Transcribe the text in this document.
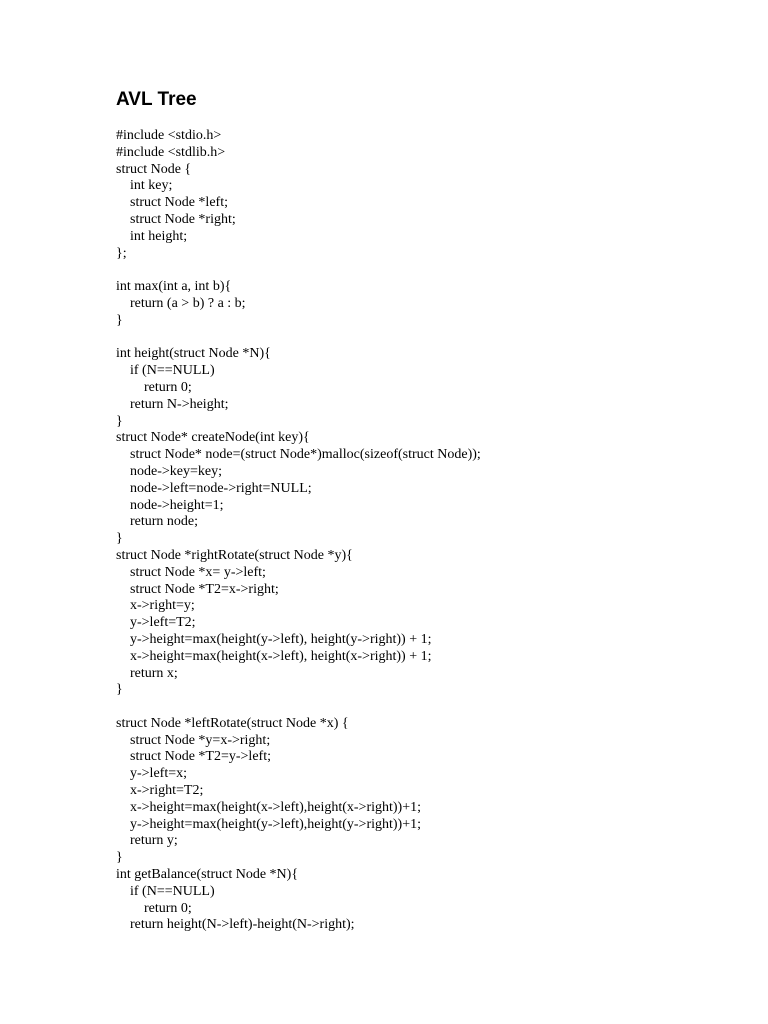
AVL Tree
#include <stdio.h>
#include <stdlib.h>
struct Node {
int key;
struct Node *left;
struct Node *right;
int height;
};
int max(int a, int b){
return (a > b) ? a : b;
}
int height(struct Node *N){
if (N==NULL)
return 0;
return N->height;
}
struct Node* createNode(int key){
struct Node* node=(struct Node*)malloc(sizeof(struct Node));
node->key=key;
node->left=node->right=NULL;
node->height=1;
return node;
}
struct Node *rightRotate(struct Node *y){
struct Node *x= y->left;
struct Node *T2=x->right;
x->right=y;
y->left=T2;
y->height=max(height(y->left), height(y->right)) + 1;
x->height=max(height(x->left), height(x->right)) + 1;
return x;
}
struct Node *leftRotate(struct Node *x) {
struct Node *y=x->right;
struct Node *T2=y->left;
y->left=x;
x->right=T2;
x->height=max(height(x->left),height(x->right))+1;
y->height=max(height(y->left),height(y->right))+1;
return y;
}
int getBalance(struct Node *N){
if (N==NULL)
return 0;
return height(N->left)-height(N->right);
